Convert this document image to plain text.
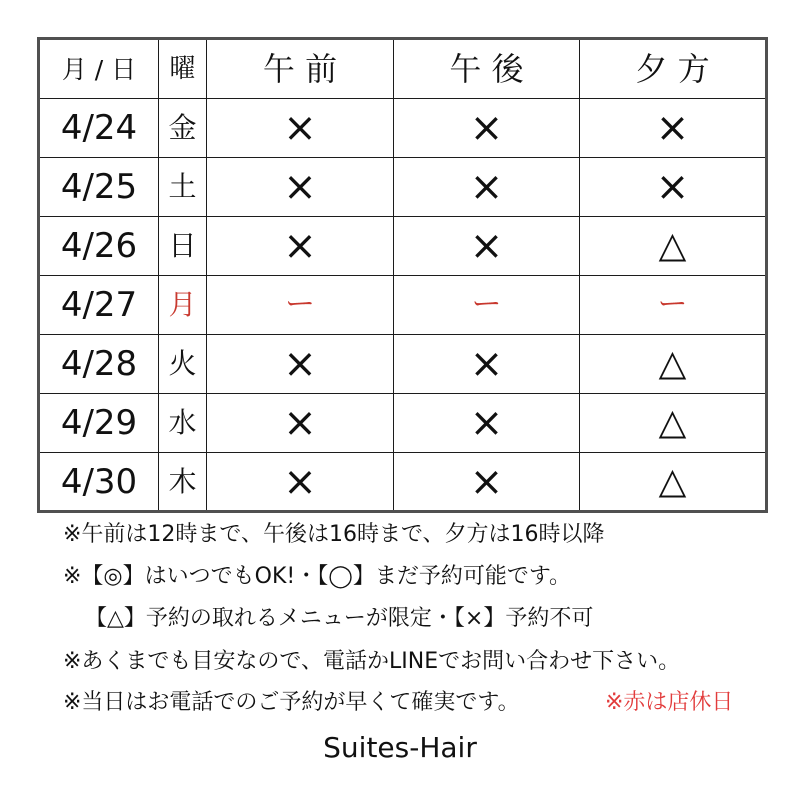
月 / 日	曜	午 前	午 後	夕 方
4/24	金	×	×	×
4/25	土	×	×	×
4/26	日	×	×	△
4/27	月	ー	ー	ー
4/28	火	×	×	△
4/29	水	×	×	△
4/30	木	×	×	△
※午前は12時まで、午後は16時まで、夕方は16時以降
※【◎】はいつでもOK!・【◯】まだ予約可能です。
【△】予約の取れるメニューが限定・【×】予約不可
※あくまでも目安なので、電話かLINEでお問い合わせ下さい。
※当日はお電話でのご予約が早くて確実です。	※赤は店休日
Suites-Hair
